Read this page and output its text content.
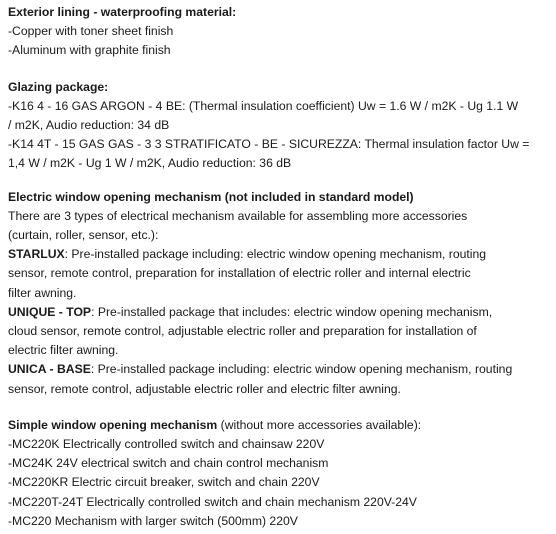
Exterior lining - waterproofing material:

-Copper with toner sheet finish

-Aluminum with graphite finish

Glazing package:

-K16 4 - 16 GAS ARGON - 4 BE: (Thermal insulation coefficient) Uw = 1.6 W / m2K - Ug 1.1 W

/ m2K, Audio reduction: 34 dB

-K14 4T - 15 GAS GAS - 3 3 STRATIFICATO - BE - SICUREZZA: Thermal insulation factor Uw =

1,4 W / m2K - Ug 1 W / m2K, Audio reduction: 36 dB

Electric window opening mechanism (not included in standard model)

There are 3 types of electrical mechanism available for assembling more accessories

(curtain, roller, sensor, etc.):

STARLUX: Pre-installed package including: electric window opening mechanism, routing

sensor, remote control, preparation for installation of electric roller and internal electric

filter awning.

UNIQUE - TOP: Pre-installed package that includes: electric window opening mechanism,

cloud sensor, remote control, adjustable electric roller and preparation for installation of

electric filter awning.

UNICA - BASE: Pre-installed package including: electric window opening mechanism, routing

sensor, remote control, adjustable electric roller and electric filter awning.

Simple window opening mechanism (without more accessories available):

-MC220K Electrically controlled switch and chainsaw 220V

-MC24K 24V electrical switch and chain control mechanism

-MC220KR Electric circuit breaker, switch and chain 220V

-MC220T-24T Electrically controlled switch and chain mechanism 220V-24V

-MC220 Mechanism with larger switch (500mm) 220V
